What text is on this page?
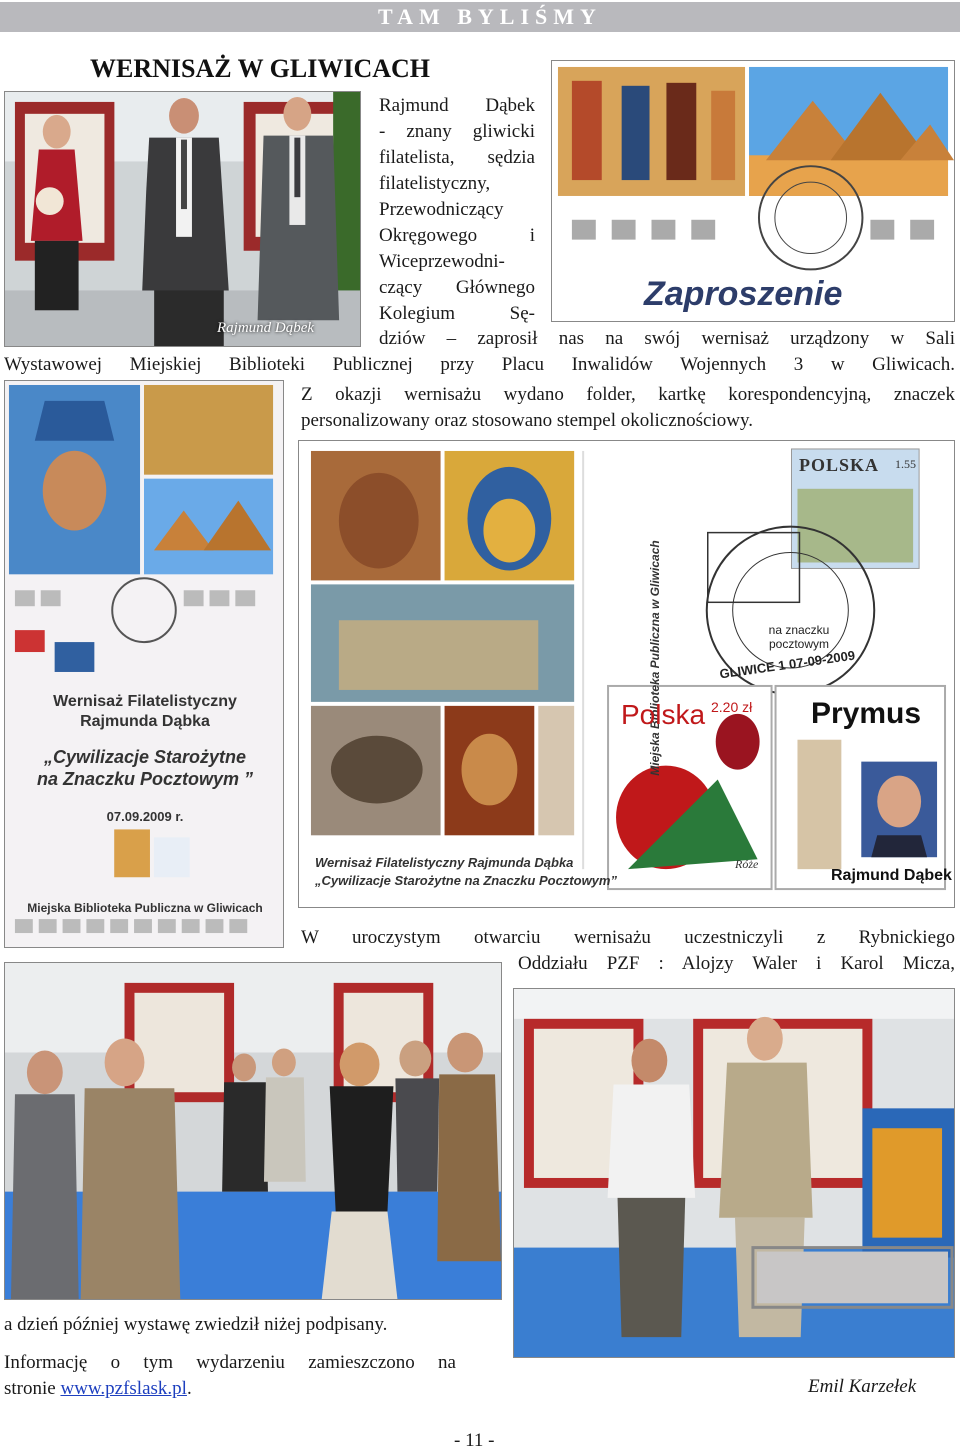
TAM BYLIŚMY
WERNISAŻ W GLIWICACH
Rajmund Dąbek
Zaproszenie
Rajmund Dąbek
- znany gliwicki
filatelista, sędzia
filatelistyczny,
Przewodniczący
Okręgowego i
Wiceprzewodni-
czący Głównego
Kolegium Sę-
dziów – zaprosił nas na swój wernisaż urządzony w Sali
Wystawowej Miejskiej Biblioteki Publicznej przy Placu Inwalidów Wojennych 3 w Gliwicach.
Wernisaż Filatelistyczny
Rajmunda Dąbka
„Cywilizacje Starożytne
na Znaczku Pocztowym ”
07.09.2009 r.
Miejska Biblioteka Publiczna w Gliwicach
Z okazji wernisażu wydano folder, kartkę korespondencyjną, znaczek
personalizowany oraz stosowano stempel okolicznościowy.
Miejska Biblioteka Publiczna w Gliwicach
Wernisaż Filatelistyczny Rajmunda Dąbka
„Cywilizacje Starożytne na Znaczku Pocztowym”
POLSKA 1.55
na znaczku pocztowym
GLIWICE 1 07-09-2009
Polska 2.20 zł
Róże
Prymus
Rajmund Dąbek
W uroczystym otwarciu wernisażu uczestniczyli z Rybnickiego
Oddziału PZF : Alojzy Waler i Karol Micza,
a dzień później wystawę zwiedził niżej podpisany.
Informację o tym wydarzeniu zamieszczono na
stronie www.pzfslask.pl.	Emil Karzełek
- 11 -
